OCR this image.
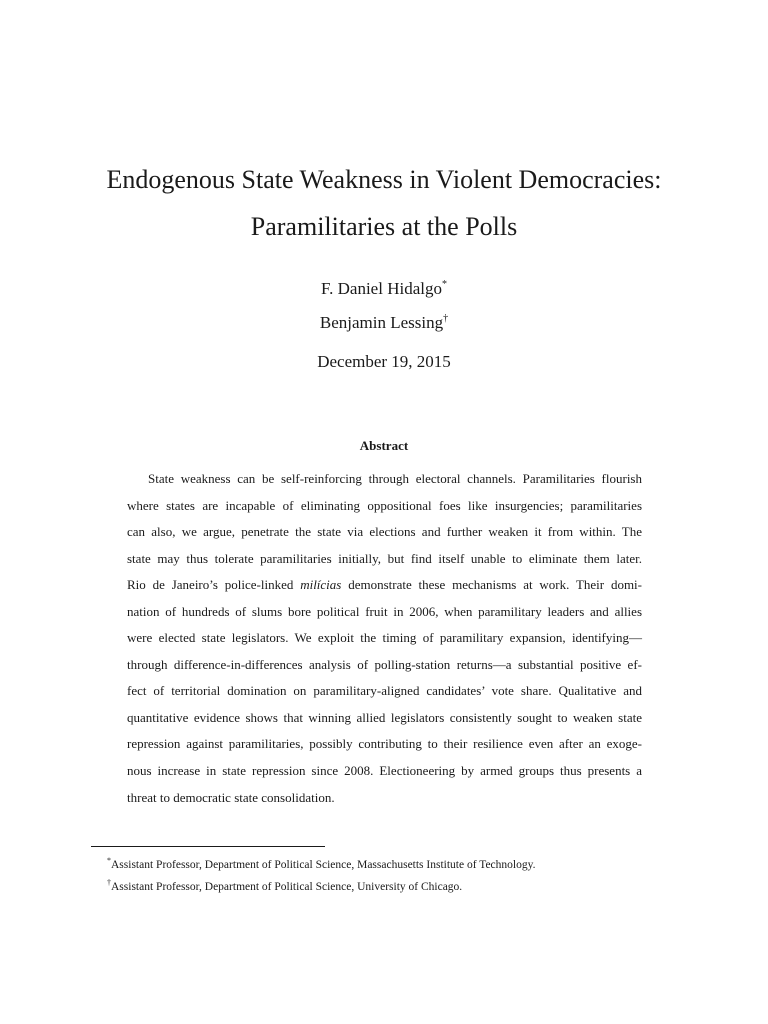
Endogenous State Weakness in Violent Democracies:
Paramilitaries at the Polls
F. Daniel Hidalgo*
Benjamin Lessing†
December 19, 2015
Abstract
State weakness can be self-reinforcing through electoral channels. Paramilitaries flourish
where states are incapable of eliminating oppositional foes like insurgencies; paramilitaries
can also, we argue, penetrate the state via elections and further weaken it from within. The
state may thus tolerate paramilitaries initially, but find itself unable to eliminate them later.
Rio de Janeiro’s police-linked milícias demonstrate these mechanisms at work. Their domi-
nation of hundreds of slums bore political fruit in 2006, when paramilitary leaders and allies
were elected state legislators. We exploit the timing of paramilitary expansion, identifying—
through difference-in-differences analysis of polling-station returns—a substantial positive ef-
fect of territorial domination on paramilitary-aligned candidates’ vote share. Qualitative and
quantitative evidence shows that winning allied legislators consistently sought to weaken state
repression against paramilitaries, possibly contributing to their resilience even after an exoge-
nous increase in state repression since 2008. Electioneering by armed groups thus presents a
threat to democratic state consolidation.
*Assistant Professor, Department of Political Science, Massachusetts Institute of Technology.
†Assistant Professor, Department of Political Science, University of Chicago.
